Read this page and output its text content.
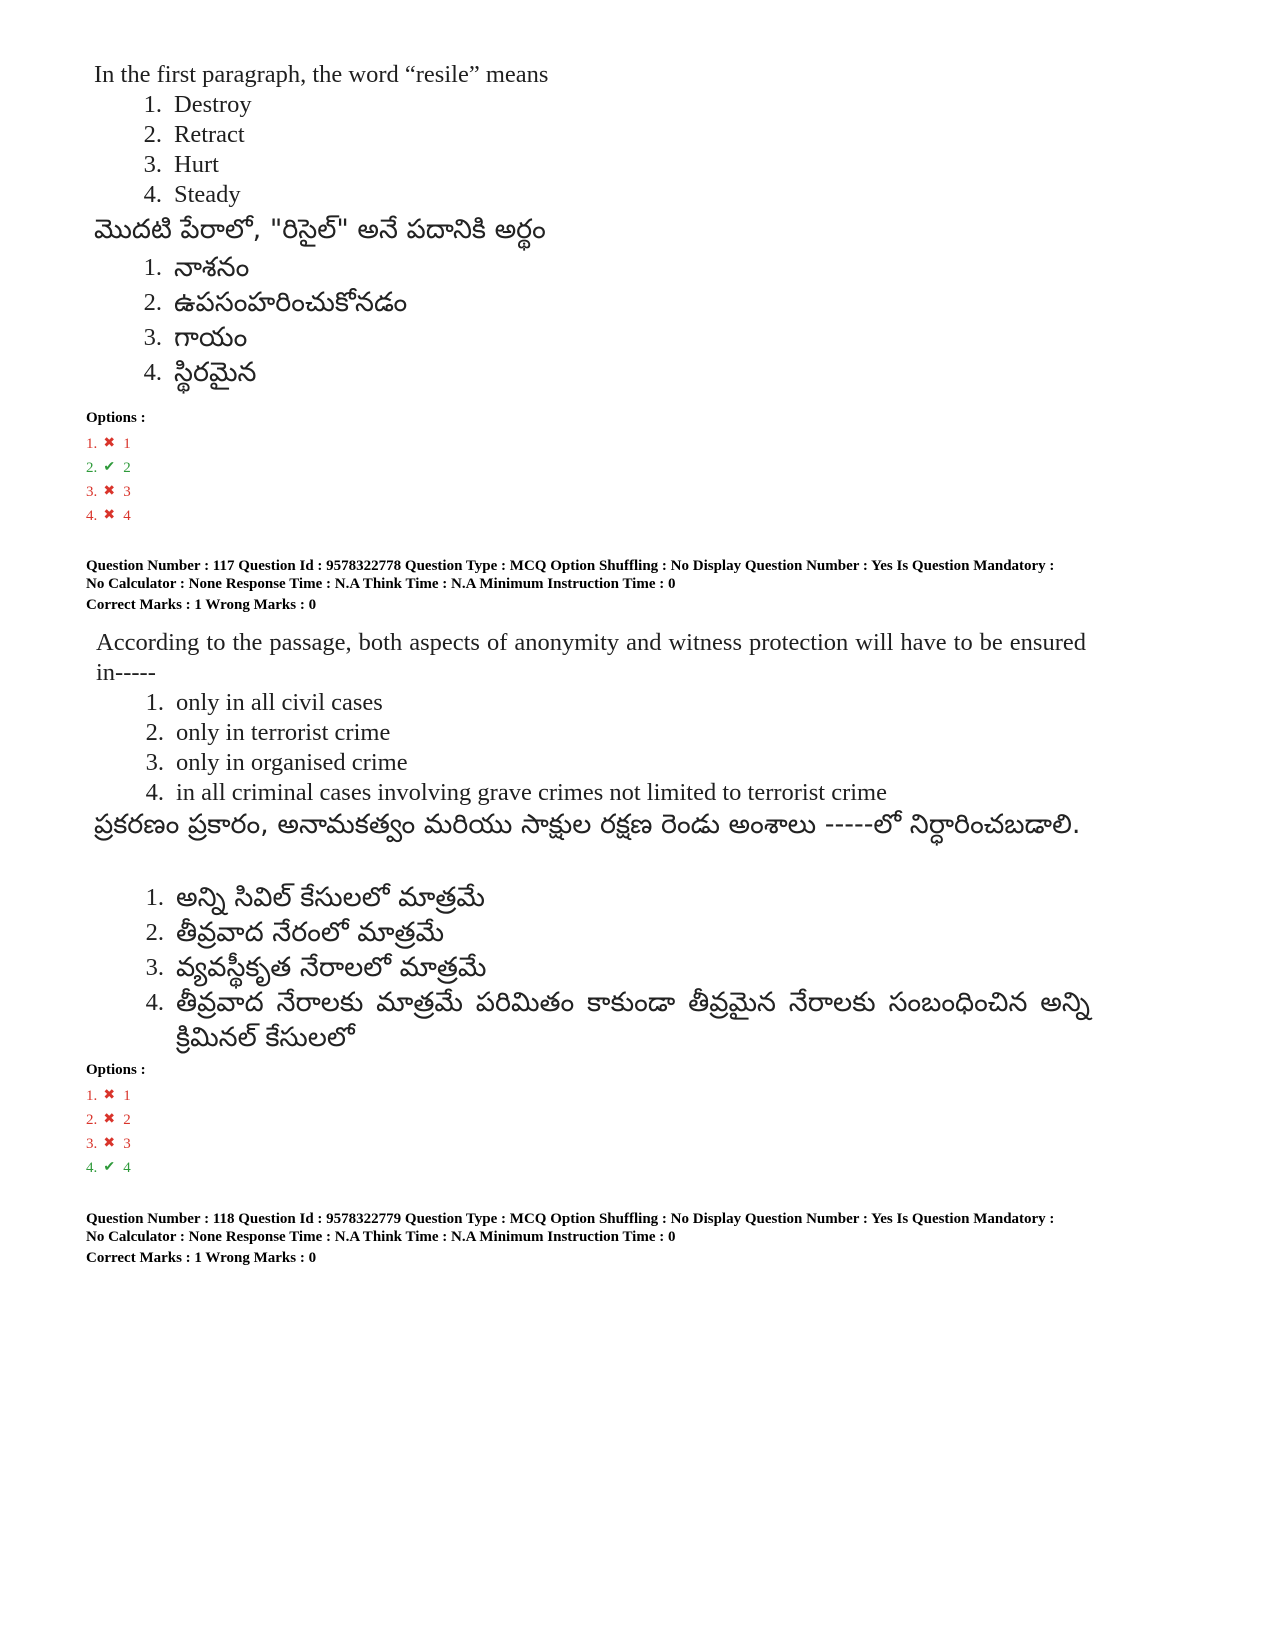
In the first paragraph, the word “resile” means
1. Destroy
2. Retract
3. Hurt
4. Steady
మొదటి పేరాలో, "రిసైల్" అనే పదానికి అర్థం
1. నాశనం
2. ఉపసంహరించుకోనడం
3. గాయం
4. స్థిరమైన
Options :
1. ✖ 1
2. ✔ 2
3. ✖ 3
4. ✖ 4
Question Number : 117 Question Id : 9578322778 Question Type : MCQ Option Shuffling : No Display Question Number : Yes Is Question Mandatory :
No Calculator : None Response Time : N.A Think Time : N.A Minimum Instruction Time : 0
Correct Marks : 1 Wrong Marks : 0
According to the passage, both aspects of anonymity and witness protection will have to be ensured in-----
1. only in all civil cases
2. only in terrorist crime
3. only in organised crime
4. in all criminal cases involving grave crimes not limited to terrorist crime
ప్రకరణం ప్రకారం, అనామకత్వం మరియు సాక్షుల రక్షణ రెండు అంశాలు -----లో నిర్ధారించబడాలి.
1. అన్ని సివిల్ కేసులలో మాత్రమే
2. తీవ్రవాద నేరంలో మాత్రమే
3. వ్యవస్థీకృత నేరాలలో మాత్రమే
4. తీవ్రవాద నేరాలకు మాత్రమే పరిమితం కాకుండా తీవ్రమైన నేరాలకు సంబంధించిన అన్ని క్రిమినల్ కేసులలో
Options :
1. ✖ 1
2. ✖ 2
3. ✖ 3
4. ✔ 4
Question Number : 118 Question Id : 9578322779 Question Type : MCQ Option Shuffling : No Display Question Number : Yes Is Question Mandatory :
No Calculator : None Response Time : N.A Think Time : N.A Minimum Instruction Time : 0
Correct Marks : 1 Wrong Marks : 0
